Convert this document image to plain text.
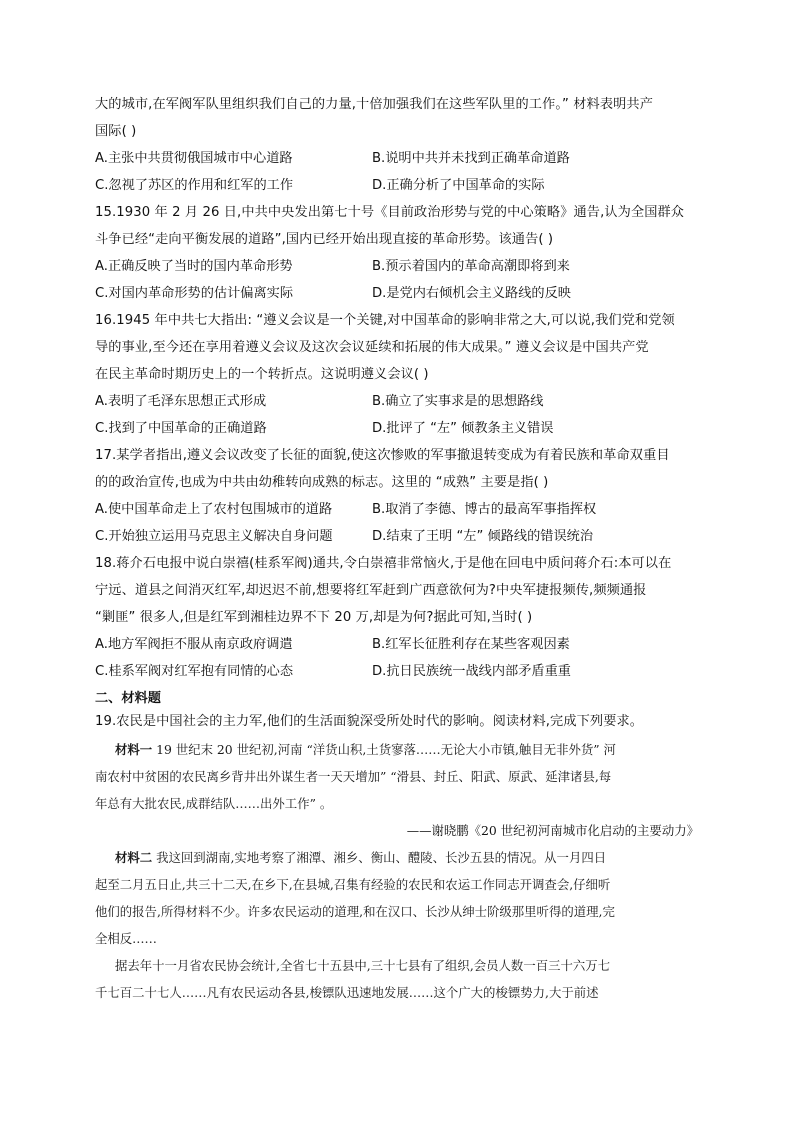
大的城市,在军阀军队里组织我们自己的力量,十倍加强我们在这些军队里的工作。” 材料表明共产
国际( )
A.主张中共贯彻俄国城市中心道路	B.说明中共并未找到正确革命道路
C.忽视了苏区的作用和红军的工作	D.正确分析了中国革命的实际
15.1930 年 2 月 26 日,中共中央发出第七十号《目前政治形势与党的中心策略》通告,认为全国群众
斗争已经“走向平衡发展的道路”,国内已经开始出现直接的革命形势。该通告( )
A.正确反映了当时的国内革命形势	B.预示着国内的革命高潮即将到来
C.对国内革命形势的估计偏离实际	D.是党内右倾机会主义路线的反映
16.1945 年中共七大指出: “遵义会议是一个关键,对中国革命的影响非常之大,可以说,我们党和党领
导的事业,至今还在享用着遵义会议及这次会议延续和拓展的伟大成果。” 遵义会议是中国共产党
在民主革命时期历史上的一个转折点。这说明遵义会议( )
A.表明了毛泽东思想正式形成	B.确立了实事求是的思想路线
C.找到了中国革命的正确道路	D.批评了 “左” 倾教条主义错误
17.某学者指出,遵义会议改变了长征的面貌,使这次惨败的军事撤退转变成为有着民族和革命双重目
的的政治宣传,也成为中共由幼稚转向成熟的标志。这里的 “成熟” 主要是指( )
A.使中国革命走上了农村包围城市的道路	B.取消了李德、博古的最高军事指挥权
C.开始独立运用马克思主义解决自身问题	D.结束了王明 “左” 倾路线的错误统治
18.蒋介石电报中说白崇禧(桂系军阀)通共,令白崇禧非常恼火,于是他在回电中质问蒋介石:本可以在
宁远、道县之间消灭红军,却迟迟不前,想要将红军赶到广西意欲何为?中央军捷报频传,频频通报
“剿匪” 很多人,但是红军到湘桂边界不下 20 万,却是为何?据此可知,当时( )
A.地方军阀拒不服从南京政府调遣	B.红军长征胜利存在某些客观因素
C.桂系军阀对红军抱有同情的心态	D.抗日民族统一战线内部矛盾重重
二、材料题
19.农民是中国社会的主力军,他们的生活面貌深受所处时代的影响。阅读材料,完成下列要求。
材料一 19 世纪末 20 世纪初,河南 “洋货山积,土货寥落……无论大小市镇,触目无非外货” 河
南农村中贫困的农民离乡背井出外谋生者一天天增加” “滑县、封丘、阳武、原武、延津诸县,每
年总有大批农民,成群结队……出外工作” 。
——谢晓鹏《20 世纪初河南城市化启动的主要动力》
材料二 我这回到湖南,实地考察了湘潭、湘乡、衡山、醴陵、长沙五县的情况。从一月四日
起至二月五日止,共三十二天,在乡下,在县城,召集有经验的农民和农运工作同志开调查会,仔细听
他们的报告,所得材料不少。许多农民运动的道理,和在汉口、长沙从绅士阶级那里听得的道理,完
全相反……
据去年十一月省农民协会统计,全省七十五县中,三十七县有了组织,会员人数一百三十六万七
千七百二十七人……凡有农民运动各县,梭镖队迅速地发展……这个广大的梭镖势力,大于前述
